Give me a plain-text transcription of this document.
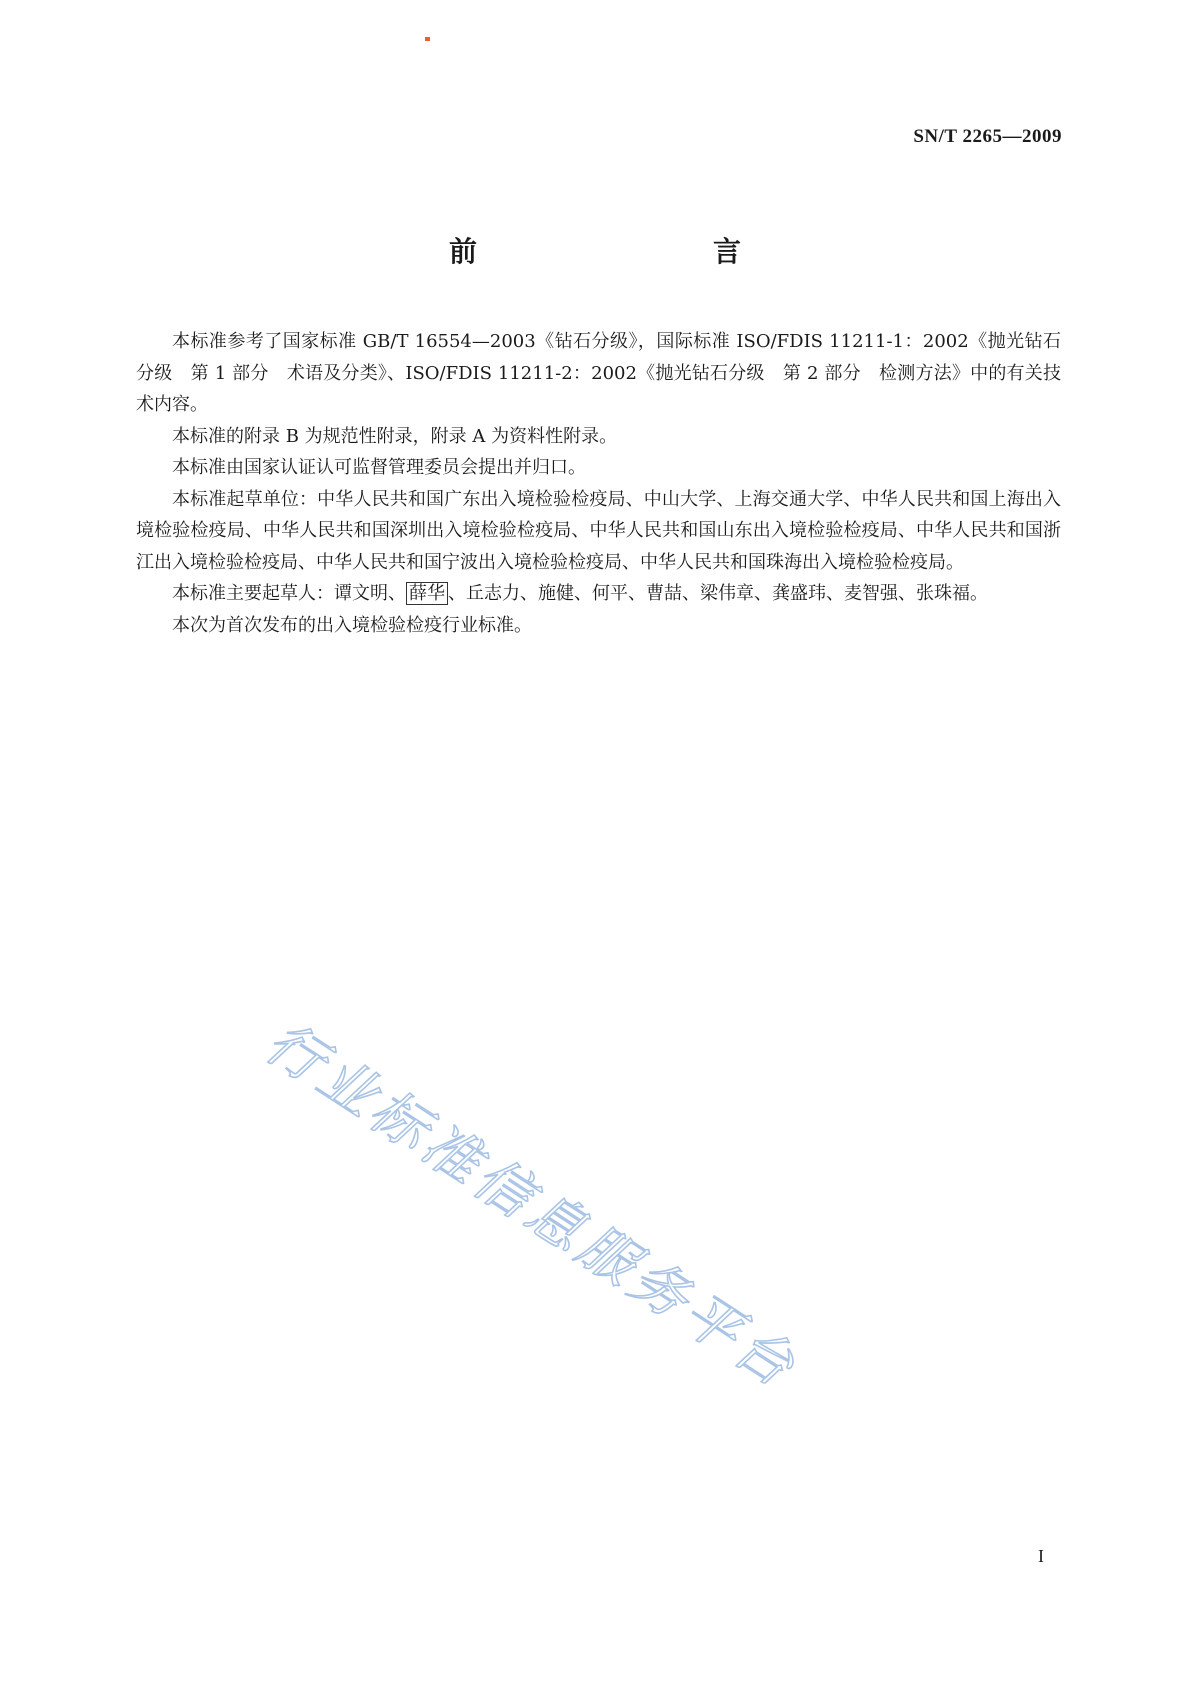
SN/T 2265—2009
前　　言

本标准参考了国家标准 GB/T 16554—2003《钻石分级》，国际标准 ISO/FDIS 11211-1：2002《抛光钻石分级　第 1 部分　术语及分类》、ISO/FDIS 11211-2：2002《抛光钻石分级　第 2 部分　检测方法》中的有关技术内容。

本标准的附录 B 为规范性附录，附录 A 为资料性附录。

本标准由国家认证认可监督管理委员会提出并归口。

本标准起草单位：中华人民共和国广东出入境检验检疫局、中山大学、上海交通大学、中华人民共和国上海出入境检验检疫局、中华人民共和国深圳出入境检验检疫局、中华人民共和国山东出入境检验检疫局、中华人民共和国浙江出入境检验检疫局、中华人民共和国宁波出入境检验检疫局、中华人民共和国珠海出入境检验检疫局。

本标准主要起草人：谭文明、 薛华 、丘志力、施健、何平、曹喆、梁伟章、龚盛玮、麦智强、张珠福。

本次为首次发布的出入境检验检疫行业标准。

行业标准信息服务平台
I
